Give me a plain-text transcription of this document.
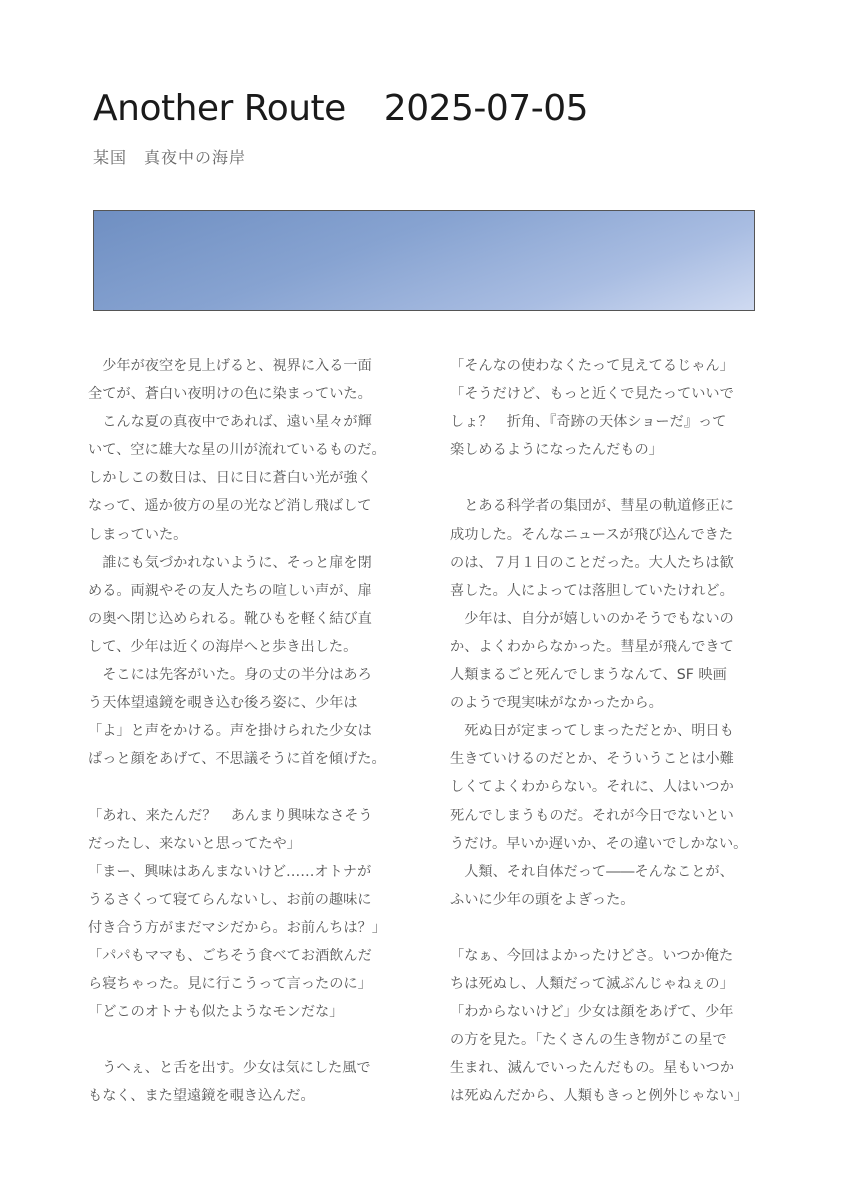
Another Route 2025-07-05
某国　真夜中の海岸
　少年が夜空を見上げると、視界に入る一面
全てが、蒼白い夜明けの色に染まっていた。
　こんな夏の真夜中であれば、遠い星々が輝
いて、空に雄大な星の川が流れているものだ。
しかしこの数日は、日に日に蒼白い光が強く
なって、遥か彼方の星の光など消し飛ばして
しまっていた。
　誰にも気づかれないように、そっと扉を閉
める。両親やその友人たちの喧しい声が、扉
の奥へ閉じ込められる。靴ひもを軽く結び直
して、少年は近くの海岸へと歩き出した。
　そこには先客がいた。身の丈の半分はあろ
う天体望遠鏡を覗き込む後ろ姿に、少年は
「よ」と声をかける。声を掛けられた少女は
ぱっと顔をあげて、不思議そうに首を傾げた。
「あれ、来たんだ？　あんまり興味なさそう
だったし、来ないと思ってたや」
「まー、興味はあんまないけど……オトナが
うるさくって寝てらんないし、お前の趣味に
付き合う方がまだマシだから。お前んちは？」
「パパもママも、ごちそう食べてお酒飲んだ
ら寝ちゃった。見に行こうって言ったのに」
「どこのオトナも似たようなモンだな」
　うへぇ、と舌を出す。少女は気にした風で
もなく、また望遠鏡を覗き込んだ。
「そんなの使わなくたって見えてるじゃん」
「そうだけど、もっと近くで見たっていいで
しょ？　折角、『奇跡の天体ショーだ』って
楽しめるようになったんだもの」
　とある科学者の集団が、彗星の軌道修正に
成功した。そんなニュースが飛び込んできた
のは、７月１日のことだった。大人たちは歓
喜した。人によっては落胆していたけれど。
　少年は、自分が嬉しいのかそうでもないの
か、よくわからなかった。彗星が飛んできて
人類まるごと死んでしまうなんて、SF 映画
のようで現実味がなかったから。
　死ぬ日が定まってしまっただとか、明日も
生きていけるのだとか、そういうことは小難
しくてよくわからない。それに、人はいつか
死んでしまうものだ。それが今日でないとい
うだけ。早いか遅いか、その違いでしかない。
　人類、それ自体だって――そんなことが、
ふいに少年の頭をよぎった。
「なぁ、今回はよかったけどさ。いつか俺た
ちは死ぬし、人類だって滅ぶんじゃねぇの」
「わからないけど」少女は顔をあげて、少年
の方を見た。「たくさんの生き物がこの星で
生まれ、滅んでいったんだもの。星もいつか
は死ぬんだから、人類もきっと例外じゃない」
